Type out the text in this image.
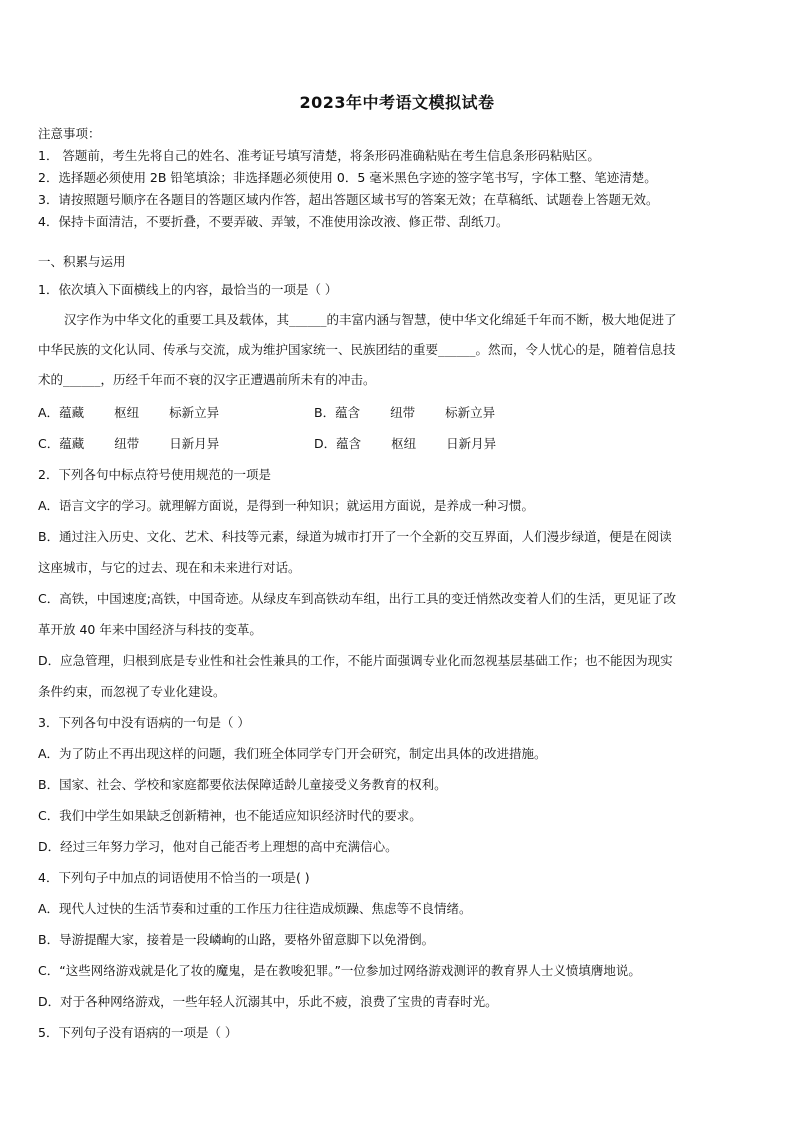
2023年中考语文模拟试卷
注意事项：
1． 答题前，考生先将自己的姓名、准考证号填写清楚，将条形码准确粘贴在考生信息条形码粘贴区。
2．选择题必须使用 2B 铅笔填涂；非选择题必须使用 0．5 毫米黑色字迹的签字笔书写，字体工整、笔迹清楚。
3．请按照题号顺序在各题目的答题区域内作答，超出答题区域书写的答案无效；在草稿纸、试题卷上答题无效。
4．保持卡面清洁，不要折叠，不要弄破、弄皱，不准使用涂改液、修正带、刮纸刀。
一、积累与运用
1．依次填入下面横线上的内容，最恰当的一项是（ ）
汉字作为中华文化的重要工具及载体，其______的丰富内涵与智慧，使中华文化绵延千年而不断，极大地促进了
中华民族的文化认同、传承与交流，成为维护国家统一、民族团结的重要______。然而，令人忧心的是，随着信息技
术的______，历经千年而不衰的汉字正遭遇前所未有的冲击。
A．蕴藏 枢纽 标新立异	B．蕴含 纽带 标新立异
C．蕴藏 纽带 日新月异	D．蕴含 枢纽 日新月异
2．下列各句中标点符号使用规范的一项是
A．语言文字的学习。就理解方面说，是得到一种知识；就运用方面说，是养成一种习惯。
B．通过注入历史、文化、艺术、科技等元素，绿道为城市打开了一个全新的交互界面，人们漫步绿道，便是在阅读
这座城市，与它的过去、现在和未来进行对话。
C．高铁，中国速度;高铁，中国奇迹。从绿皮车到高铁动车组，出行工具的变迁悄然改变着人们的生活，更见证了改
革开放 40 年来中国经济与科技的变革。
D．应急管理，归根到底是专业性和社会性兼具的工作，不能片面强调专业化而忽视基层基础工作；也不能因为现实
条件约束，而忽视了专业化建设。
3．下列各句中没有语病的一句是（ ）
A．为了防止不再出现这样的问题，我们班全体同学专门开会研究，制定出具体的改进措施。
B．国家、社会、学校和家庭都要依法保障适龄儿童接受义务教育的权利。
C．我们中学生如果缺乏创新精神，也不能适应知识经济时代的要求。
D．经过三年努力学习，他对自己能否考上理想的高中充满信心。
4．下列句子中加点的词语使用不恰当的一项是( )
A．现代人过快的生活节奏和过重的工作压力往往造成烦躁、焦虑等不良情绪。
B．导游提醒大家，接着是一段嶙峋的山路，要格外留意脚下以免滑倒。
C．“这些网络游戏就是化了妆的魔鬼，是在教唆犯罪。”一位参加过网络游戏测评的教育界人士义愤填膺地说。
D．对于各种网络游戏，一些年轻人沉溺其中，乐此不疲，浪费了宝贵的青春时光。
5．下列句子没有语病的一项是（ ）
